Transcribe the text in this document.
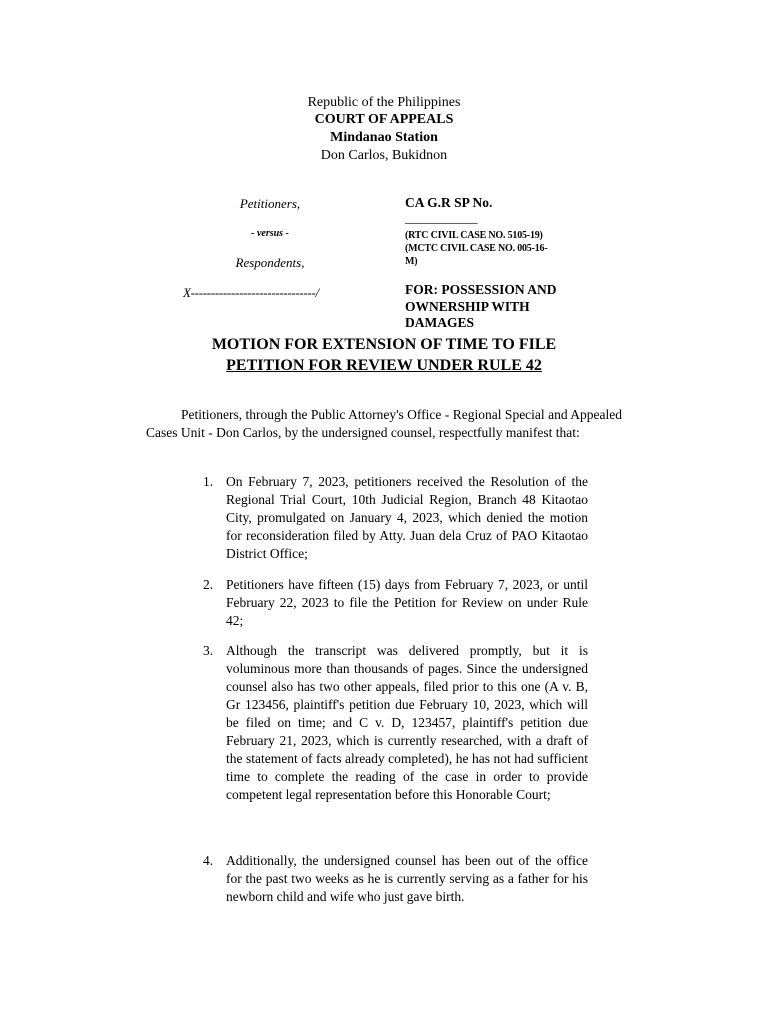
Republic of the Philippines
COURT OF APPEALS
Mindanao Station
Don Carlos, Bukidnon
Petitioners,
- versus -
Respondents,
X-------------------------------/
CA G.R SP No.
____________
(RTC CIVIL CASE NO. 5105-19)
(MCTC CIVIL CASE NO. 005-16-
M)
FOR: POSSESSION AND
OWNERSHIP WITH
DAMAGES
MOTION FOR EXTENSION OF TIME TO FILE
PETITION FOR REVIEW UNDER RULE 42
Petitioners, through the Public Attorney's Office - Regional Special and Appealed Cases Unit - Don Carlos, by the undersigned counsel, respectfully manifest that:
1. On February 7, 2023, petitioners received the Resolution of the Regional Trial Court, 10th Judicial Region, Branch 48 Kitaotao City, promulgated on January 4, 2023, which denied the motion for reconsideration filed by Atty. Juan dela Cruz of PAO Kitaotao District Office;
2. Petitioners have fifteen (15) days from February 7, 2023, or until February 22, 2023 to file the Petition for Review on under Rule 42;
3. Although the transcript was delivered promptly, but it is voluminous more than thousands of pages. Since the undersigned counsel also has two other appeals, filed prior to this one (A v. B, Gr 123456, plaintiff's petition due February 10, 2023, which will be filed on time; and C v. D, 123457, plaintiff's petition due February 21, 2023, which is currently researched, with a draft of the statement of facts already completed), he has not had sufficient time to complete the reading of the case in order to provide competent legal representation before this Honorable Court;
4. Additionally, the undersigned counsel has been out of the office for the past two weeks as he is currently serving as a father for his newborn child and wife who just gave birth.
